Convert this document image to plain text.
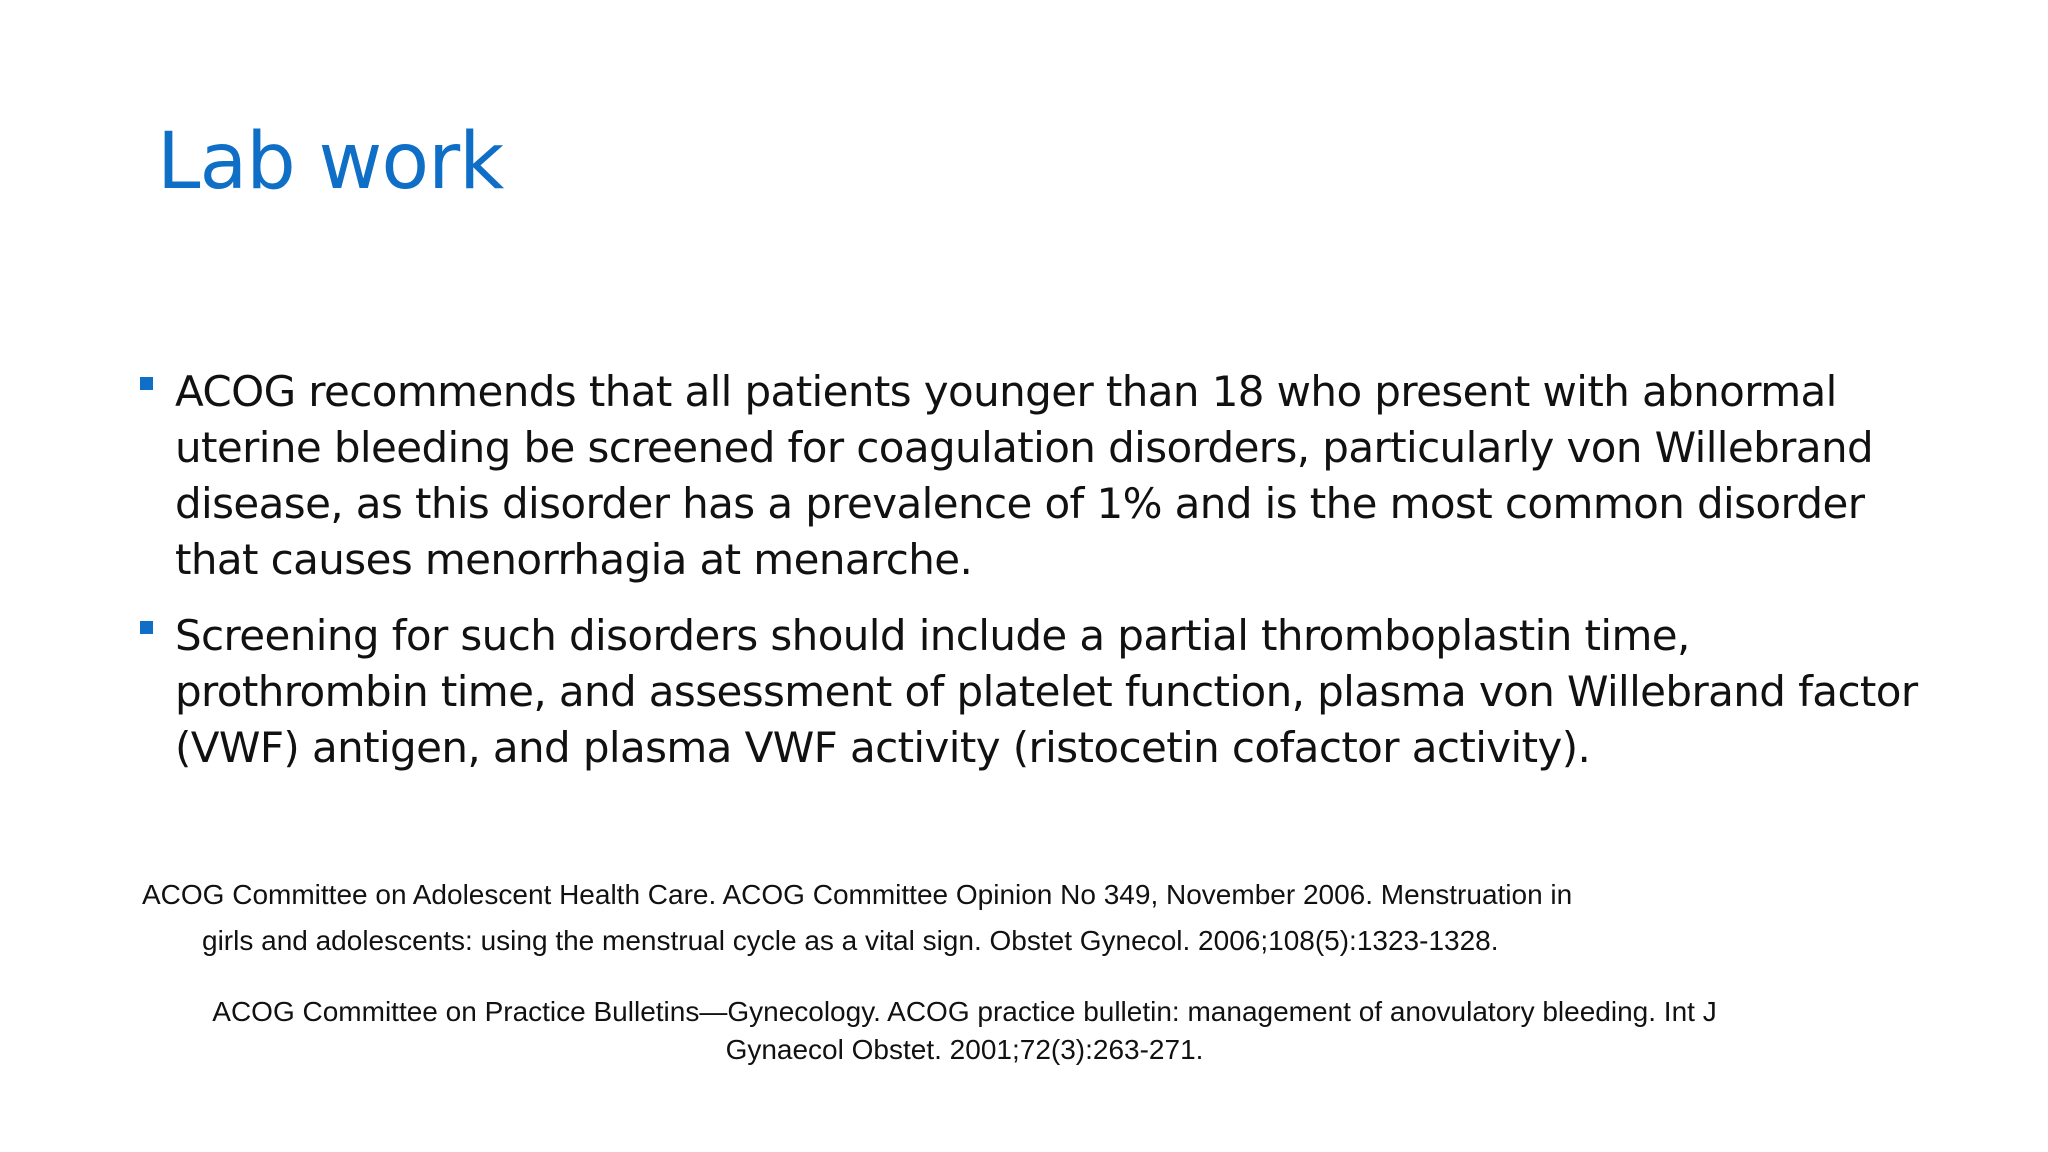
Lab work
ACOG recommends that all patients younger than 18 who present with abnormal uterine bleeding be screened for coagulation disorders, particularly von Willebrand disease, as this disorder has a prevalence of 1% and is the most common disorder that causes menorrhagia at menarche.
Screening for such disorders should include a partial thromboplastin time, prothrombin time, and assessment of platelet function, plasma von Willebrand factor (VWF) antigen, and plasma VWF activity (ristocetin cofactor activity).
ACOG Committee on Adolescent Health Care. ACOG Committee Opinion No 349, November 2006. Menstruation in
girls and adolescents: using the menstrual cycle as a vital sign. Obstet Gynecol. 2006;108(5):1323-1328.
ACOG Committee on Practice Bulletins—Gynecology. ACOG practice bulletin: management of anovulatory bleeding. Int J
Gynaecol Obstet. 2001;72(3):263-271.
